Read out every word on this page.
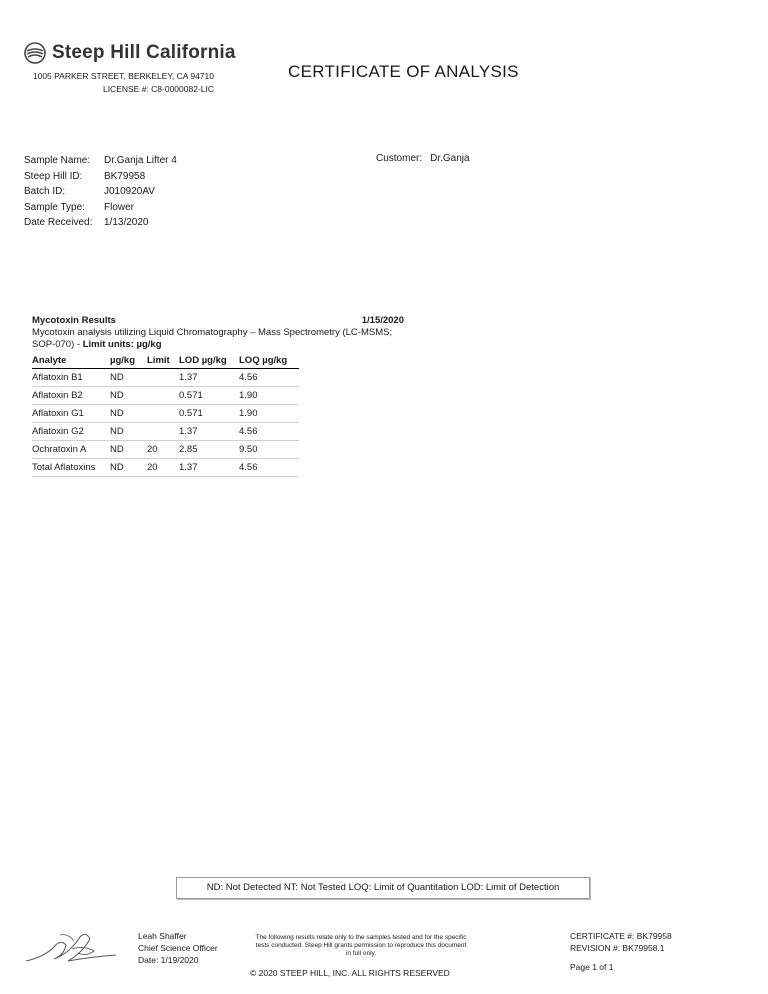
Steep Hill California
1005 PARKER STREET, BERKELEY, CA 94710
LICENSE #: C8-0000082-LIC
CERTIFICATE OF ANALYSIS
Sample Name:	Dr.Ganja Lifter 4
Steep Hill ID:	BK79958
Batch ID:	J010920AV
Sample Type:	Flower
Date Received:	1/13/2020
Customer: Dr.Ganja
Mycotoxin Results	1/15/2020
Mycotoxin analysis utilizing Liquid Chromatography – Mass Spectrometry (LC-MSMS; SOP-070) - Limit units: µg/kg
Analyte	µg/kg	Limit	LOD µg/kg	LOQ µg/kg
Aflatoxin B1	ND		1.37	4.56
Aflatoxin B2	ND		0.571	1.90
Aflatoxin G1	ND		0.571	1.90
Aflatoxin G2	ND		1.37	4.56
Ochratoxin A	ND	20	2.85	9.50
Total Aflatoxins	ND	20	1.37	4.56
ND: Not Detected NT: Not Tested LOQ: Limit of Quantitation LOD: Limit of Detection
Leah Shaffer
Chief Science Officer
Date: 1/19/2020
The following results relate only to the samples tested and for the specific tests conducted. Steep Hill grants permission to reproduce this document in full only.
© 2020 STEEP HILL, INC. ALL RIGHTS RESERVED
CERTIFICATE #: BK79958
REVISION #: BK79958.1
Page 1 of 1
